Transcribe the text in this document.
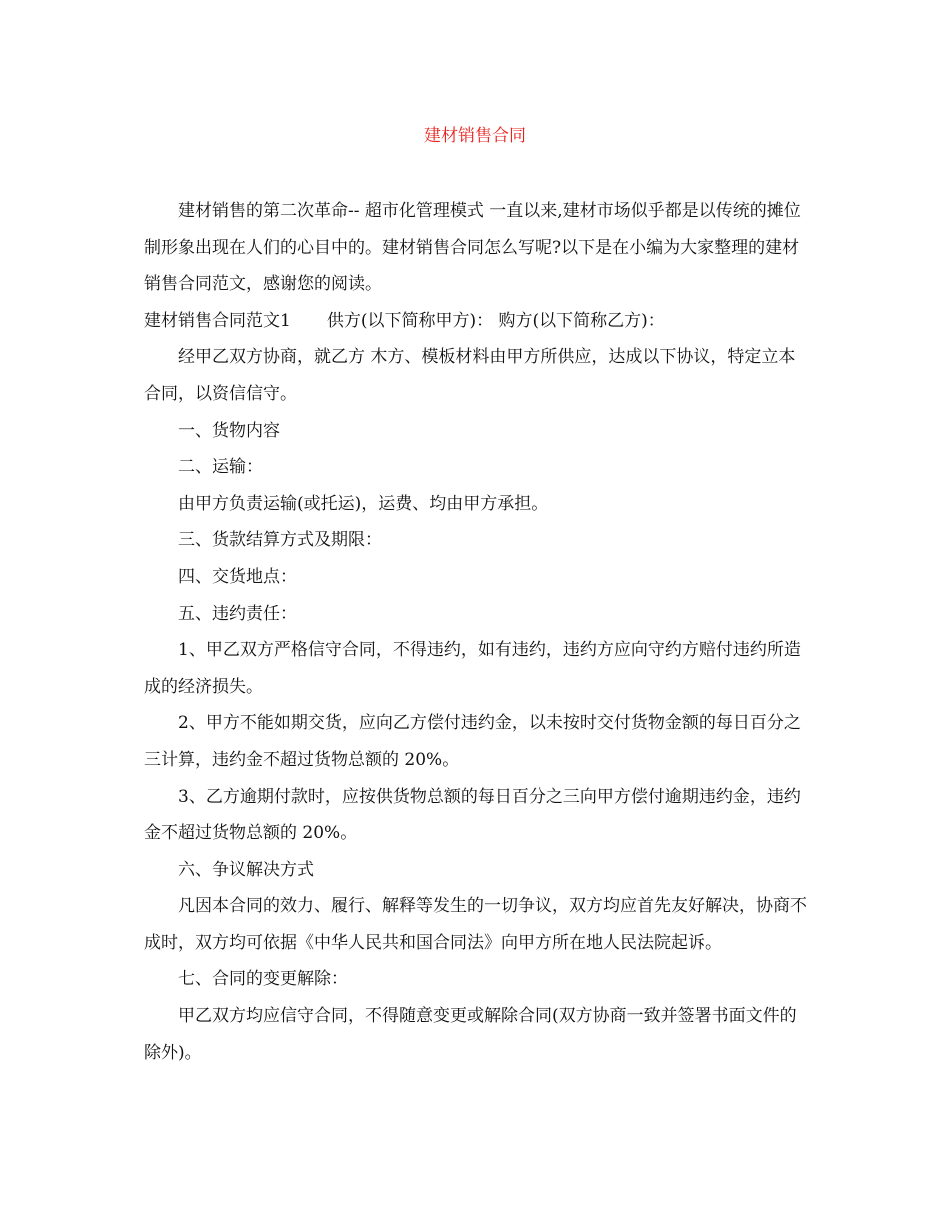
建材销售合同

建材销售的第二次革命-- 超市化管理模式 一直以来,建材市场似乎都是以传统的摊位制形象出现在人们的心目中的。建材销售合同怎么写呢?以下是在小编为大家整理的建材销售合同范文，感谢您的阅读。

建材销售合同范文1 供方(以下简称甲方)： 购方(以下简称乙方)：

经甲乙双方协商，就乙方 木方、模板材料由甲方所供应，达成以下协议，特定立本合同，以资信信守。

一、货物内容

二、运输：

由甲方负责运输(或托运)，运费、均由甲方承担。

三、货款结算方式及期限：

四、交货地点：

五、违约责任：

1、甲乙双方严格信守合同，不得违约，如有违约，违约方应向守约方赔付违约所造成的经济损失。

2、甲方不能如期交货，应向乙方偿付违约金，以未按时交付货物金额的每日百分之三计算，违约金不超过货物总额的 20%。

3、乙方逾期付款时，应按供货物总额的每日百分之三向甲方偿付逾期违约金，违约金不超过货物总额的 20%。

六、争议解决方式

凡因本合同的效力、履行、解释等发生的一切争议，双方均应首先友好解决，协商不成时，双方均可依据《中华人民共和国合同法》向甲方所在地人民法院起诉。

七、合同的变更解除：

甲乙双方均应信守合同，不得随意变更或解除合同(双方协商一致并签署书面文件的除外)。
